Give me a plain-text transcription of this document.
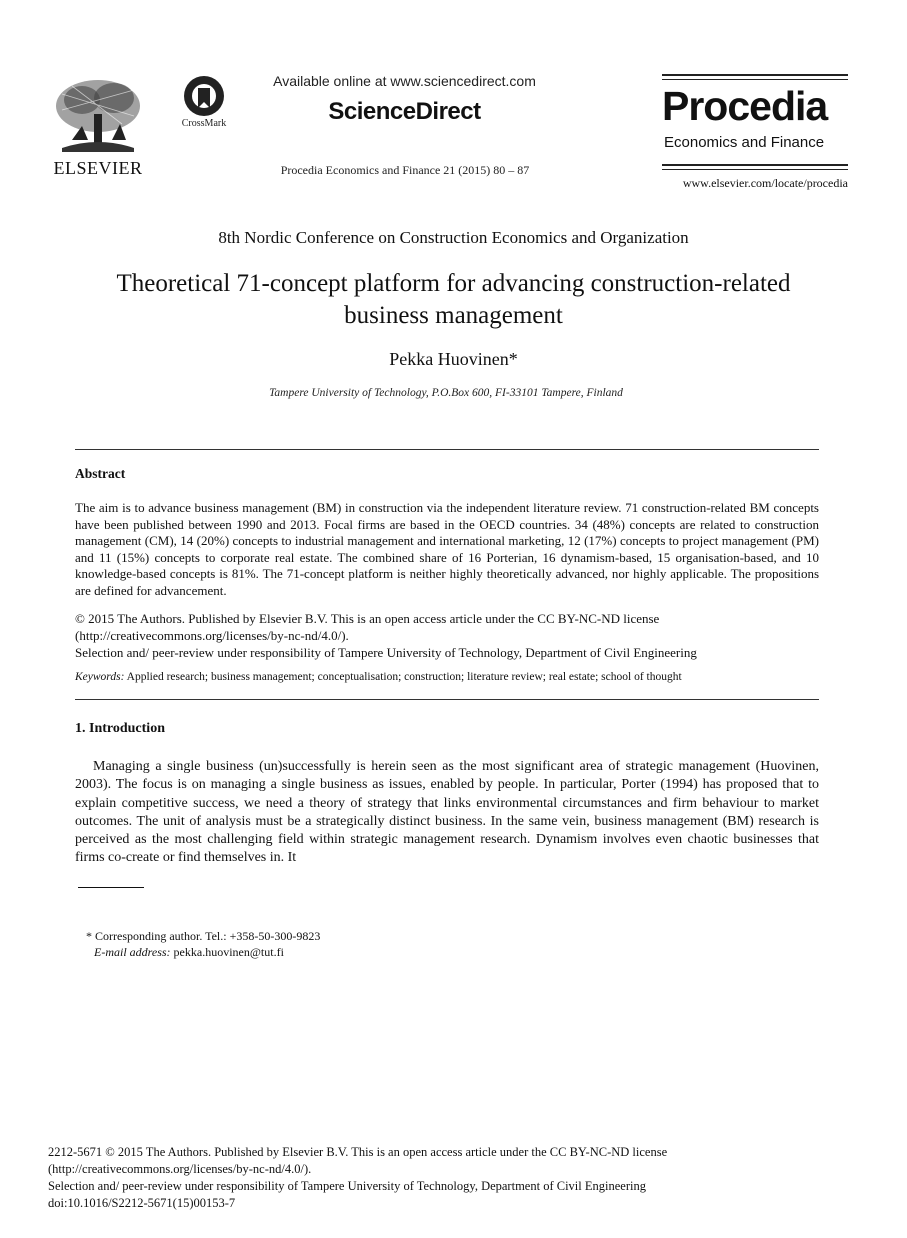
ELSEVIER
CrossMark
Available online at www.sciencedirect.com
ScienceDirect
Procedia Economics and Finance 21 (2015) 80 – 87
Procedia
Economics and Finance
www.elsevier.com/locate/procedia
8th Nordic Conference on Construction Economics and Organization
Theoretical 71-concept platform for advancing construction-related
business management
Pekka Huovinen*
Tampere University of Technology, P.O.Box 600, FI-33101 Tampere, Finland
Abstract
The aim is to advance business management (BM) in construction via the independent literature review. 71 construction-related BM concepts have been published between 1990 and 2013. Focal firms are based in the OECD countries. 34 (48%) concepts are related to construction management (CM), 14 (20%) concepts to industrial management and international marketing, 12 (17%) concepts to project management (PM) and 11 (15%) concepts to corporate real estate. The combined share of 16 Porterian, 16 dynamism-based, 15 organisation-based, and 10 knowledge-based concepts is 81%. The 71-concept platform is neither highly theoretically advanced, nor highly applicable. The propositions are defined for advancement.
© 2015 The Authors. Published by Elsevier B.V. This is an open access article under the CC BY-NC-ND license
(http://creativecommons.org/licenses/by-nc-nd/4.0/).
Selection and/ peer-review under responsibility of Tampere University of Technology, Department of Civil Engineering
Keywords: Applied research; business management; conceptualisation; construction; literature review; real estate; school of thought
1. Introduction
Managing a single business (un)successfully is herein seen as the most significant area of strategic management (Huovinen, 2003). The focus is on managing a single business as issues, enabled by people. In particular, Porter (1994) has proposed that to explain competitive success, we need a theory of strategy that links environmental circumstances and firm behaviour to market outcomes. The unit of analysis must be a strategically distinct business. In the same vein, business management (BM) research is perceived as the most challenging field within strategic management research. Dynamism involves even chaotic businesses that firms co-create or find themselves in. It
* Corresponding author. Tel.: +358-50-300-9823
E-mail address: pekka.huovinen@tut.fi
2212-5671 © 2015 The Authors. Published by Elsevier B.V. This is an open access article under the CC BY-NC-ND license
(http://creativecommons.org/licenses/by-nc-nd/4.0/).
Selection and/ peer-review under responsibility of Tampere University of Technology, Department of Civil Engineering
doi:10.1016/S2212-5671(15)00153-7
